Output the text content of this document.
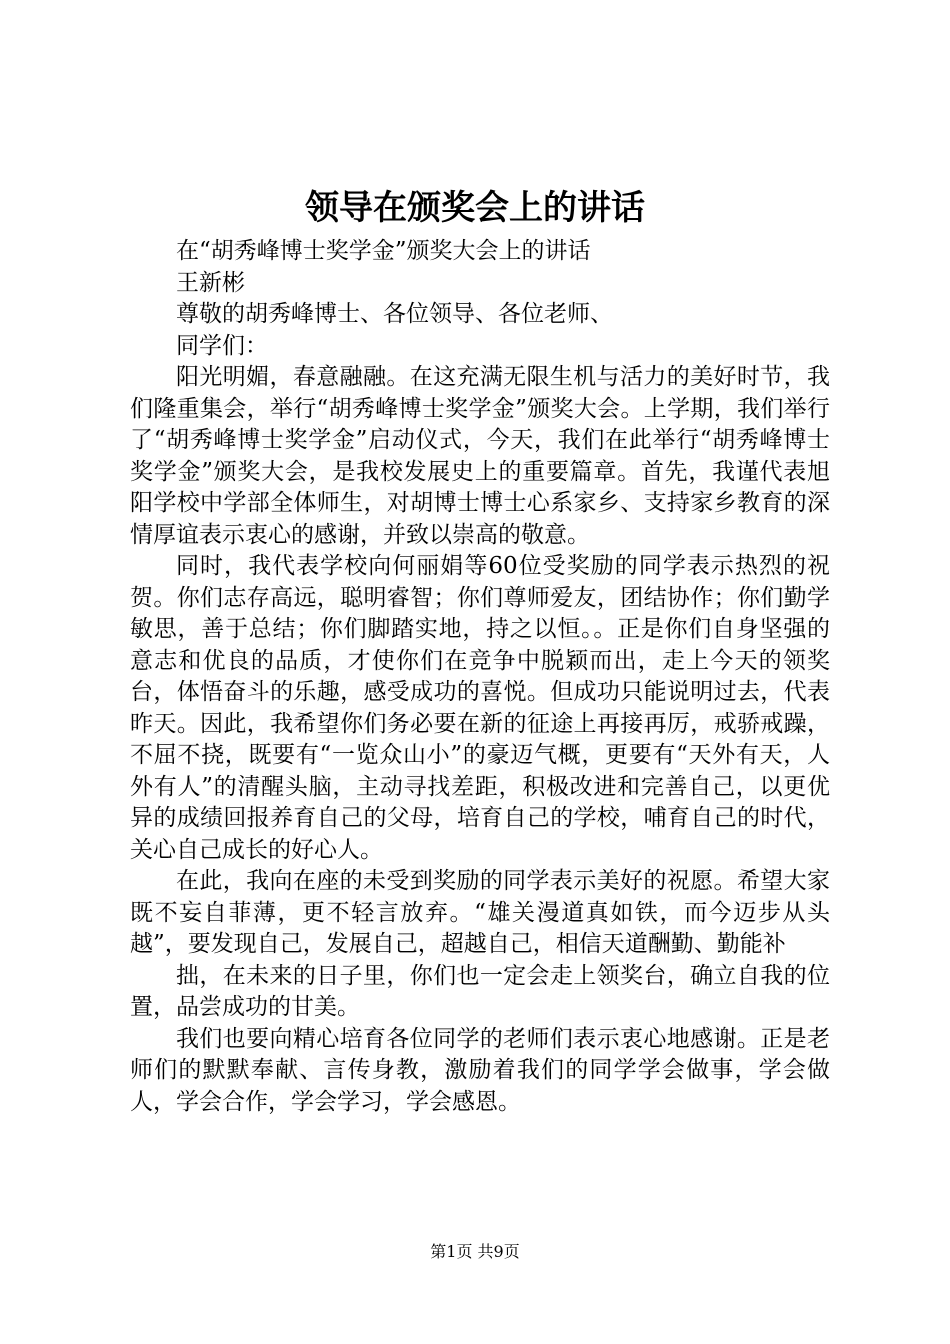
领导在颁奖会上的讲话

在“胡秀峰博士奖学金”颁奖大会上的讲话

王新彬

尊敬的胡秀峰博士、各位领导、各位老师、

同学们：

阳光明媚，春意融融。在这充满无限生机与活力的美好时节，我们隆重集会，举行“胡秀峰博士奖学金”颁奖大会。上学期，我们举行了“胡秀峰博士奖学金”启动仪式，今天，我们在此举行“胡秀峰博士奖学金”颁奖大会，是我校发展史上的重要篇章。首先，我谨代表旭阳学校中学部全体师生，对胡博士博士心系家乡、支持家乡教育的深情厚谊表示衷心的感谢，并致以崇高的敬意。

同时，我代表学校向何丽娟等60位受奖励的同学表示热烈的祝贺。你们志存高远，聪明睿智；你们尊师爱友，团结协作；你们勤学敏思，善于总结；你们脚踏实地，持之以恒。。正是你们自身坚强的意志和优良的品质，才使你们在竞争中脱颖而出，走上今天的领奖台，体悟奋斗的乐趣，感受成功的喜悦。但成功只能说明过去，代表昨天。因此，我希望你们务必要在新的征途上再接再厉，戒骄戒躁，不屈不挠，既要有“一览众山小”的豪迈气概，更要有“天外有天，人外有人”的清醒头脑，主动寻找差距，积极改进和完善自己，以更优异的成绩回报养育自己的父母，培育自己的学校，哺育自己的时代，关心自己成长的好心人。

在此，我向在座的未受到奖励的同学表示美好的祝愿。希望大家既不妄自菲薄，更不轻言放弃。“雄关漫道真如铁，而今迈步从头越”，要发现自己，发展自己，超越自己，相信天道酬勤、勤能补

拙，在未来的日子里，你们也一定会走上领奖台，确立自我的位置，品尝成功的甘美。

我们也要向精心培育各位同学的老师们表示衷心地感谢。正是老师们的默默奉献、言传身教，激励着我们的同学学会做事，学会做人，学会合作，学会学习，学会感恩。

第1页 共9页
